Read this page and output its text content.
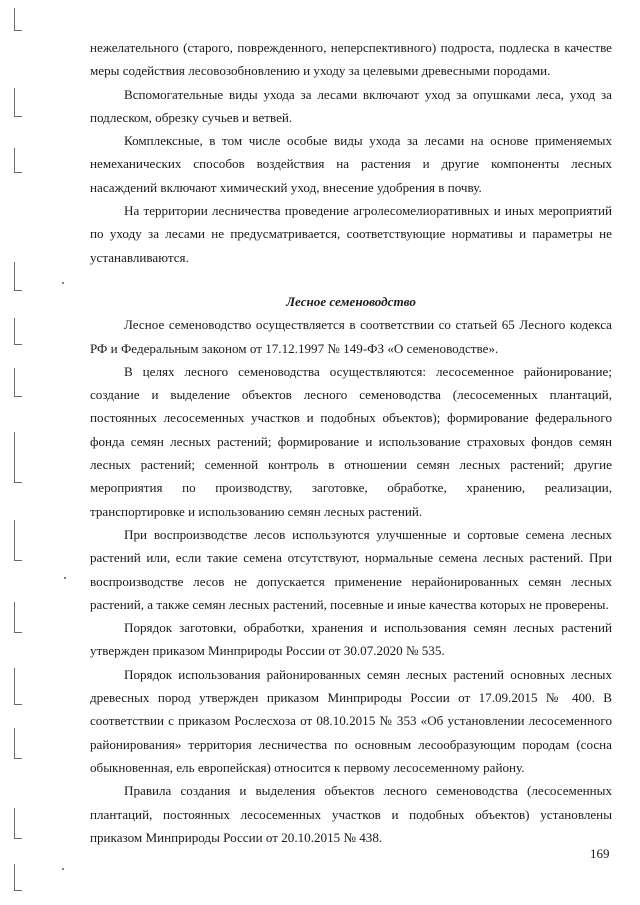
нежелательного (старого, поврежденного, неперспективного) подроста, подлеска в качестве меры содействия лесовозобновлению и уходу за целевыми древесными породами.

Вспомогательные виды ухода за лесами включают уход за опушками леса, уход за подлеском, обрезку сучьев и ветвей.

Комплексные, в том числе особые виды ухода за лесами на основе применяемых немеханических способов воздействия на растения и другие компоненты лесных насаждений включают химический уход, внесение удобрения в почву.

На территории лесничества проведение агролесомелиоративных и иных мероприятий по уходу за лесами не предусматривается, соответствующие нормативы и параметры не устанавливаются.

Лесное семеноводство

Лесное семеноводство осуществляется в соответствии со статьей 65 Лесного кодекса РФ и Федеральным законом от 17.12.1997 № 149-ФЗ «О семеноводстве».

В целях лесного семеноводства осуществляются: лесосеменное районирование; создание и выделение объектов лесного семеноводства (лесосеменных плантаций, постоянных лесосеменных участков и подобных объектов); формирование федерального фонда семян лесных растений; формирование и использование страховых фондов семян лесных растений; семенной контроль в отношении семян лесных растений; другие мероприятия по производству, заготовке, обработке, хранению, реализации, транспортировке и использованию семян лесных растений.

При воспроизводстве лесов используются улучшенные и сортовые семена лесных растений или, если такие семена отсутствуют, нормальные семена лесных растений. При воспроизводстве лесов не допускается применение нерайонированных семян лесных растений, а также семян лесных растений, посевные и иные качества которых не проверены.

Порядок заготовки, обработки, хранения и использования семян лесных растений утвержден приказом Минприроды России от 30.07.2020 № 535.

Порядок использования районированных семян лесных растений основных лесных древесных пород утвержден приказом Минприроды России от 17.09.2015 № 400. В соответствии с приказом Рослесхоза от 08.10.2015 № 353 «Об установлении лесосеменного районирования» территория лесничества по основным лесообразующим породам (сосна обыкновенная, ель европейская) относится к первому лесосеменному району.

Правила создания и выделения объектов лесного семеноводства (лесосеменных плантаций, постоянных лесосеменных участков и подобных объектов) установлены приказом Минприроды России от 20.10.2015 № 438.

169
